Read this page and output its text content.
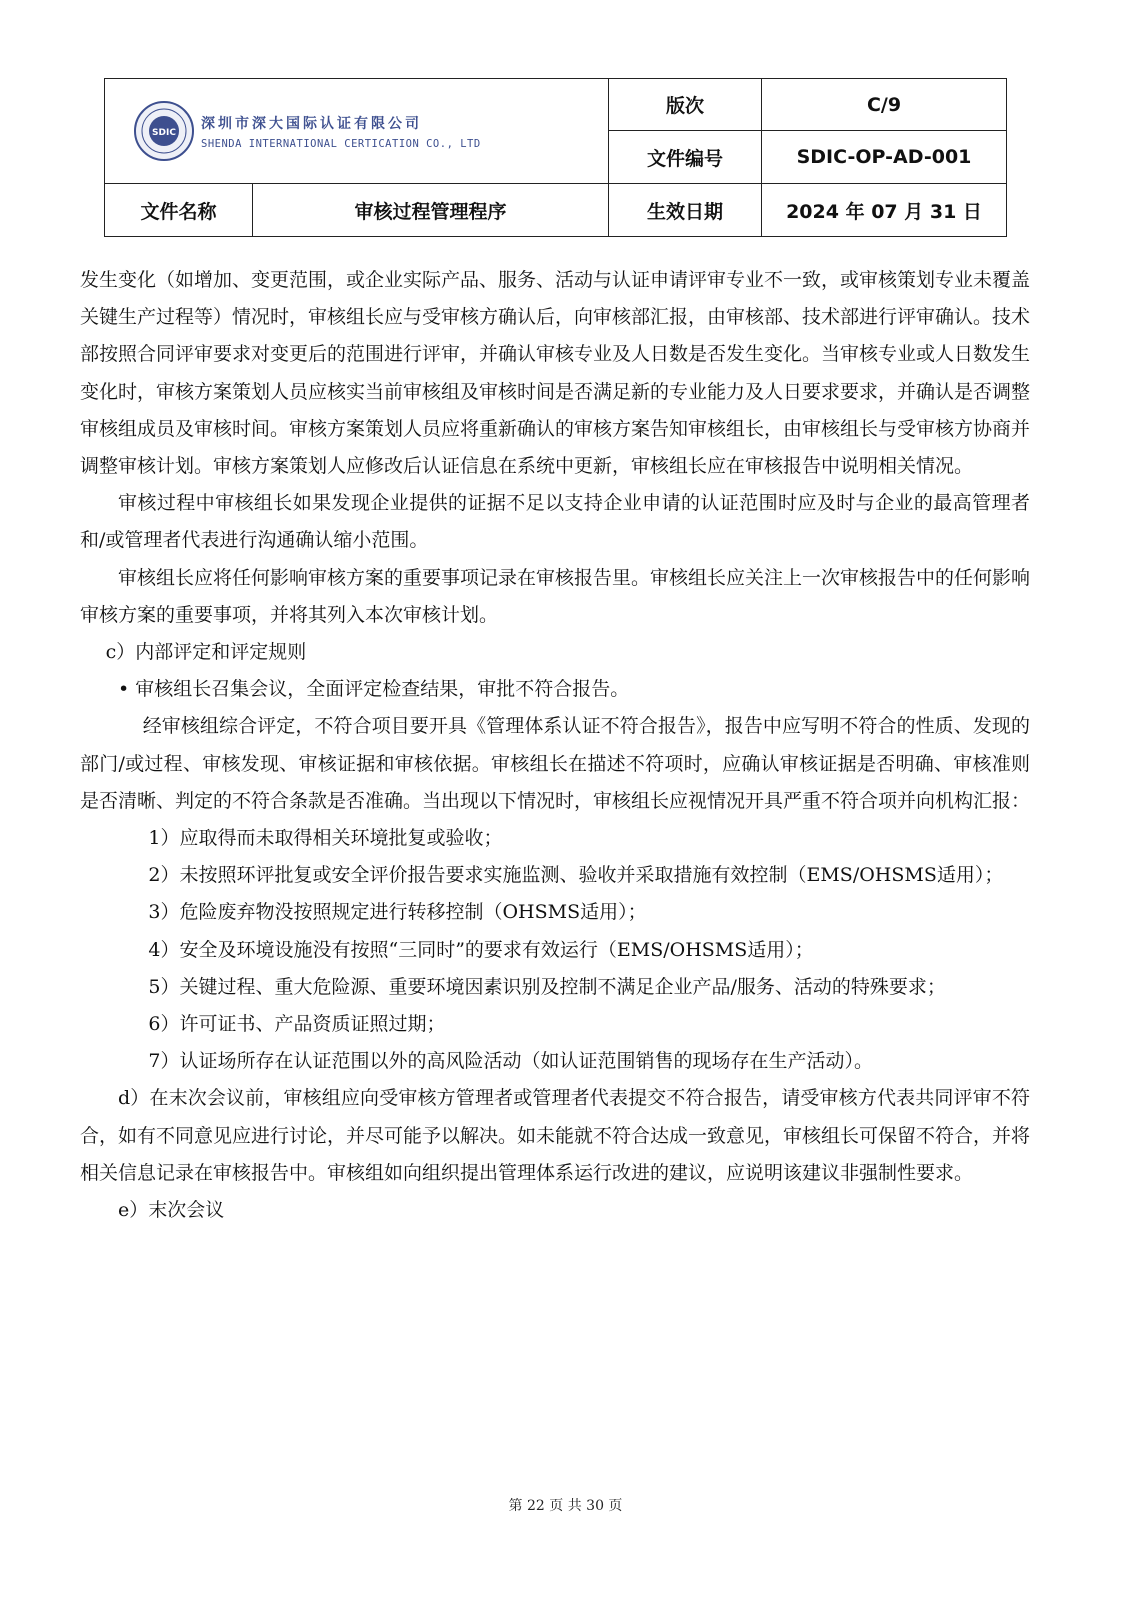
SDIC
深圳市深大国际认证有限公司
SHENDA INTERNATIONAL CERTICATION CO., LTD		版次	C/9
		文件编号	SDIC-OP-AD-001
文件名称	审核过程管理程序	生效日期	2024 年 07 月 31 日

发生变化（如增加、变更范围，或企业实际产品、服务、活动与认证申请评审专业不一致，或审核策划专业未覆盖关键生产过程等）情况时，审核组长应与受审核方确认后，向审核部汇报，由审核部、技术部进行评审确认。技术部按照合同评审要求对变更后的范围进行评审，并确认审核专业及人日数是否发生变化。当审核专业或人日数发生变化时，审核方案策划人员应核实当前审核组及审核时间是否满足新的专业能力及人日要求要求，并确认是否调整审核组成员及审核时间。审核方案策划人员应将重新确认的审核方案告知审核组长，由审核组长与受审核方协商并调整审核计划。审核方案策划人应修改后认证信息在系统中更新，审核组长应在审核报告中说明相关情况。

审核过程中审核组长如果发现企业提供的证据不足以支持企业申请的认证范围时应及时与企业的最高管理者和/或管理者代表进行沟通确认缩小范围。

审核组长应将任何影响审核方案的重要事项记录在审核报告里。审核组长应关注上一次审核报告中的任何影响审核方案的重要事项，并将其列入本次审核计划。

c）内部评定和评定规则

• 审核组长召集会议，全面评定检查结果，审批不符合报告。

经审核组综合评定，不符合项目要开具《管理体系认证不符合报告》，报告中应写明不符合的性质、发现的部门/或过程、审核发现、审核证据和审核依据。审核组长在描述不符项时，应确认审核证据是否明确、审核准则是否清晰、判定的不符合条款是否准确。当出现以下情况时，审核组长应视情况开具严重不符合项并向机构汇报：

1）应取得而未取得相关环境批复或验收；

2）未按照环评批复或安全评价报告要求实施监测、验收并采取措施有效控制（EMS/OHSMS适用）；

3）危险废弃物没按照规定进行转移控制（OHSMS适用）；

4）安全及环境设施没有按照“三同时”的要求有效运行（EMS/OHSMS适用）；

5）关键过程、重大危险源、重要环境因素识别及控制不满足企业产品/服务、活动的特殊要求；

6）许可证书、产品资质证照过期；

7）认证场所存在认证范围以外的高风险活动（如认证范围销售的现场存在生产活动）。

d）在末次会议前，审核组应向受审核方管理者或管理者代表提交不符合报告，请受审核方代表共同评审不符合，如有不同意见应进行讨论，并尽可能予以解决。如未能就不符合达成一致意见，审核组长可保留不符合，并将相关信息记录在审核报告中。审核组如向组织提出管理体系运行改进的建议，应说明该建议非强制性要求。

e）末次会议

第 22 页 共 30 页
